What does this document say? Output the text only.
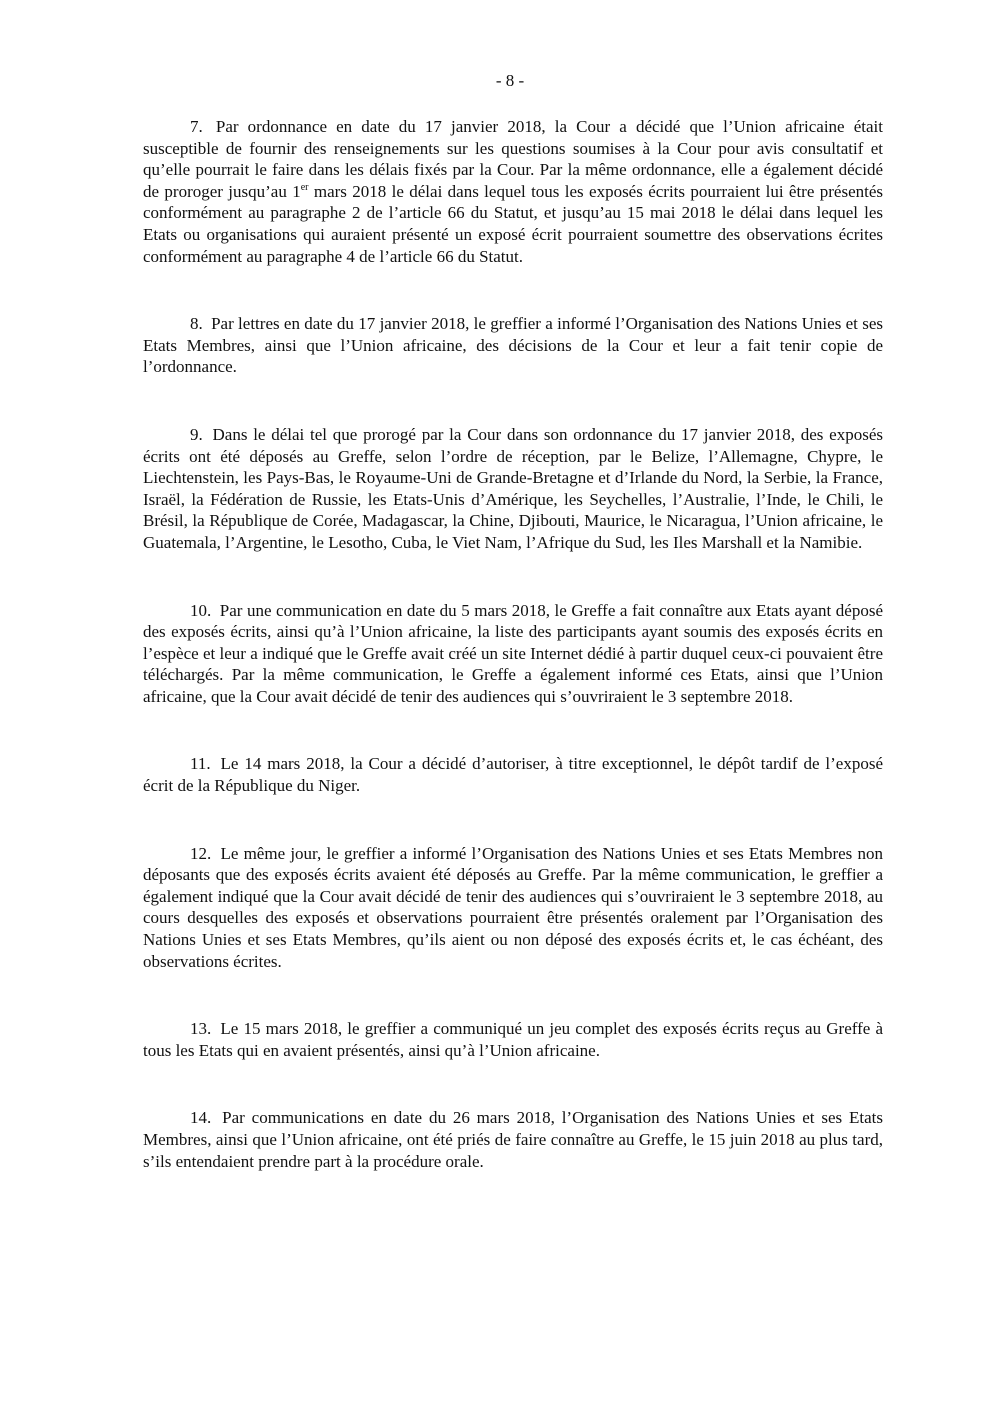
- 8 -

7. Par ordonnance en date du 17 janvier 2018, la Cour a décidé que l’Union africaine était susceptible de fournir des renseignements sur les questions soumises à la Cour pour avis consultatif et qu’elle pourrait le faire dans les délais fixés par la Cour. Par la même ordonnance, elle a également décidé de proroger jusqu’au 1er mars 2018 le délai dans lequel tous les exposés écrits pourraient lui être présentés conformément au paragraphe 2 de l’article 66 du Statut, et jusqu’au 15 mai 2018 le délai dans lequel les Etats ou organisations qui auraient présenté un exposé écrit pourraient soumettre des observations écrites conformément au paragraphe 4 de l’article 66 du Statut.

8. Par lettres en date du 17 janvier 2018, le greffier a informé l’Organisation des Nations Unies et ses Etats Membres, ainsi que l’Union africaine, des décisions de la Cour et leur a fait tenir copie de l’ordonnance.

9. Dans le délai tel que prorogé par la Cour dans son ordonnance du 17 janvier 2018, des exposés écrits ont été déposés au Greffe, selon l’ordre de réception, par le Belize, l’Allemagne, Chypre, le Liechtenstein, les Pays-Bas, le Royaume-Uni de Grande-Bretagne et d’Irlande du Nord, la Serbie, la France, Israël, la Fédération de Russie, les Etats-Unis d’Amérique, les Seychelles, l’Australie, l’Inde, le Chili, le Brésil, la République de Corée, Madagascar, la Chine, Djibouti, Maurice, le Nicaragua, l’Union africaine, le Guatemala, l’Argentine, le Lesotho, Cuba, le Viet Nam, l’Afrique du Sud, les Iles Marshall et la Namibie.

10. Par une communication en date du 5 mars 2018, le Greffe a fait connaître aux Etats ayant déposé des exposés écrits, ainsi qu’à l’Union africaine, la liste des participants ayant soumis des exposés écrits en l’espèce et leur a indiqué que le Greffe avait créé un site Internet dédié à partir duquel ceux-ci pouvaient être téléchargés. Par la même communication, le Greffe a également informé ces Etats, ainsi que l’Union africaine, que la Cour avait décidé de tenir des audiences qui s’ouvriraient le 3 septembre 2018.

11. Le 14 mars 2018, la Cour a décidé d’autoriser, à titre exceptionnel, le dépôt tardif de l’exposé écrit de la République du Niger.

12. Le même jour, le greffier a informé l’Organisation des Nations Unies et ses Etats Membres non déposants que des exposés écrits avaient été déposés au Greffe. Par la même communication, le greffier a également indiqué que la Cour avait décidé de tenir des audiences qui s’ouvriraient le 3 septembre 2018, au cours desquelles des exposés et observations pourraient être présentés oralement par l’Organisation des Nations Unies et ses Etats Membres, qu’ils aient ou non déposé des exposés écrits et, le cas échéant, des observations écrites.

13. Le 15 mars 2018, le greffier a communiqué un jeu complet des exposés écrits reçus au Greffe à tous les Etats qui en avaient présentés, ainsi qu’à l’Union africaine.

14. Par communications en date du 26 mars 2018, l’Organisation des Nations Unies et ses Etats Membres, ainsi que l’Union africaine, ont été priés de faire connaître au Greffe, le 15 juin 2018 au plus tard, s’ils entendaient prendre part à la procédure orale.
